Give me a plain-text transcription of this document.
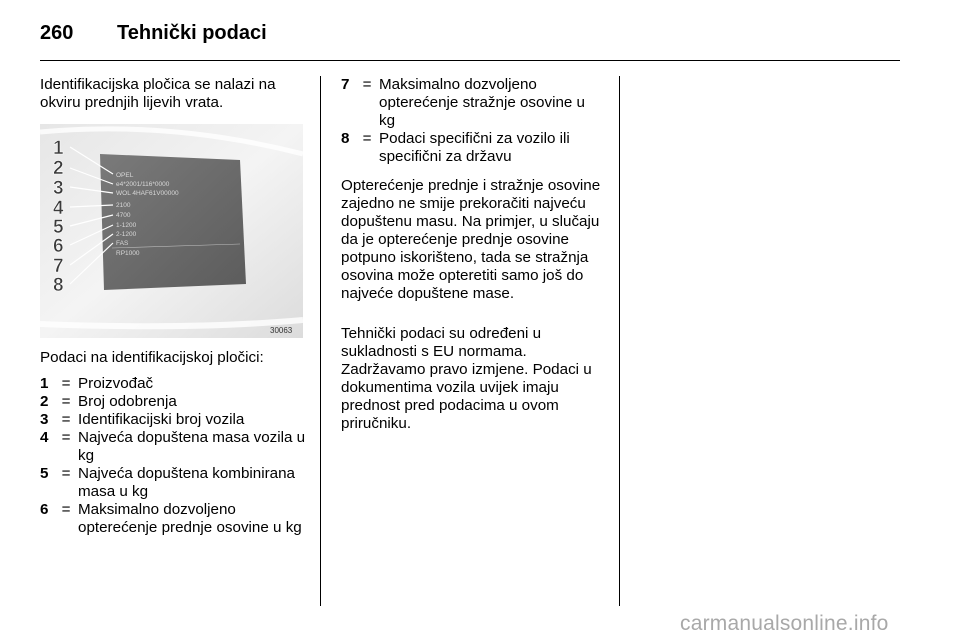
260 Tehnički podaci
Identifikacijska pločica se nalazi na okviru prednjih lijevih vrata.
OPEL
e4*2001/116*0000
WOL 4HAF61V00000
2100
4700
1-1200
2-1200
FAS
RP1000
1
2
3
4
5
6
7
8
30063
Podaci na identifikacijskoj pločici:
1 = Proizvođač
2 = Broj odobrenja
3 = Identifikacijski broj vozila
4 = Najveća dopuštena masa vozila u kg
5 = Najveća dopuštena kombinirana masa u kg
6 = Maksimalno dozvoljeno opterećenje prednje osovine u kg
7 = Maksimalno dozvoljeno opterećenje stražnje osovine u kg
8 = Podaci specifični za vozilo ili specifični za državu
Opterećenje prednje i stražnje osovine zajedno ne smije prekoračiti najveću dopuštenu masu. Na primjer, u slučaju da je opterećenje prednje osovine potpuno iskorišteno, tada se stražnja osovina može opteretiti samo još do najveće dopuštene mase.
Tehnički podaci su određeni u sukladnosti s EU normama.
Zadržavamo pravo izmjene. Podaci u dokumentima vozila uvijek imaju prednost pred podacima u ovom priručniku.
carmanualsonline.info
